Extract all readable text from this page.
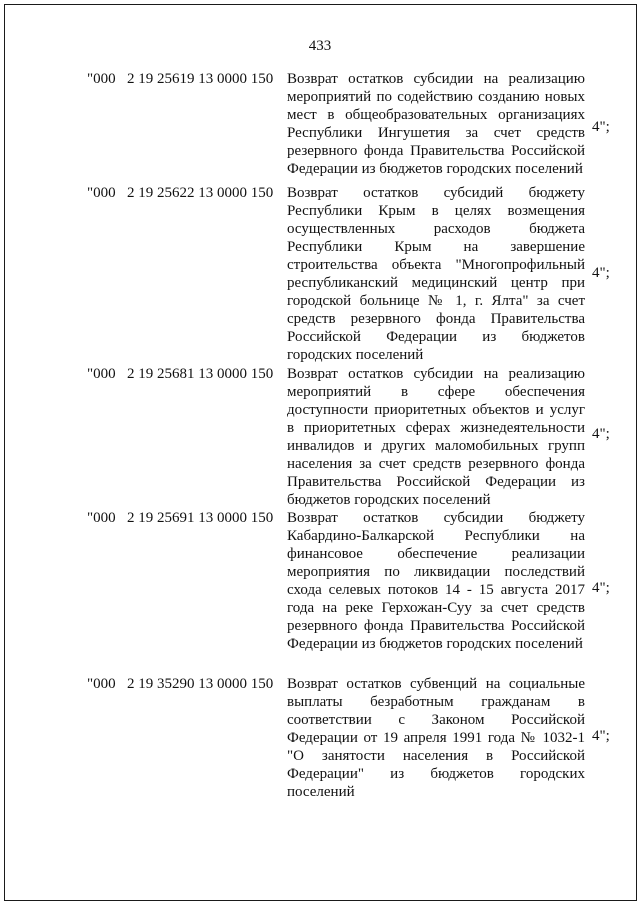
433
"000 2 19 25619 13 0000 150 Возврат остатков субсидии на реализацию мероприятий по содействию созданию новых мест в общеобразовательных организациях Республики Ингушетия за счет средств резервного фонда Правительства Российской Федерации из бюджетов городских поселений

4";
"000 2 19 25622 13 0000 150 Возврат остатков субсидий бюджету Республики Крым в целях возмещения осуществленных расходов бюджета Республики Крым на завершение строительства объекта "Многопрофильный республиканский медицинский центр при городской больнице № 1, г. Ялта" за счет средств резервного фонда Правительства Российской Федерации из бюджетов городских поселений

4";
"000 2 19 25681 13 0000 150 Возврат остатков субсидии на реализацию мероприятий в сфере обеспечения доступности приоритетных объектов и услуг в приоритетных сферах жизнедеятельности инвалидов и других маломобильных групп населения за счет средств резервного фонда Правительства Российской Федерации из бюджетов городских поселений

4";
"000 2 19 25691 13 0000 150 Возврат остатков субсидии бюджету Кабардино-Балкарской Республики на финансовое обеспечение реализации мероприятия по ликвидации последствий схода селевых потоков 14 - 15 августа 2017 года на реке Герхожан-Суу за счет средств резервного фонда Правительства Российской Федерации из бюджетов городских поселений

4";
"000 2 19 35290 13 0000 150 Возврат остатков субвенций на социальные выплаты безработным гражданам в соответствии с Законом Российской Федерации от 19 апреля 1991 года № 1032-1 "О занятости населения в Российской Федерации" из бюджетов городских поселений

4";
